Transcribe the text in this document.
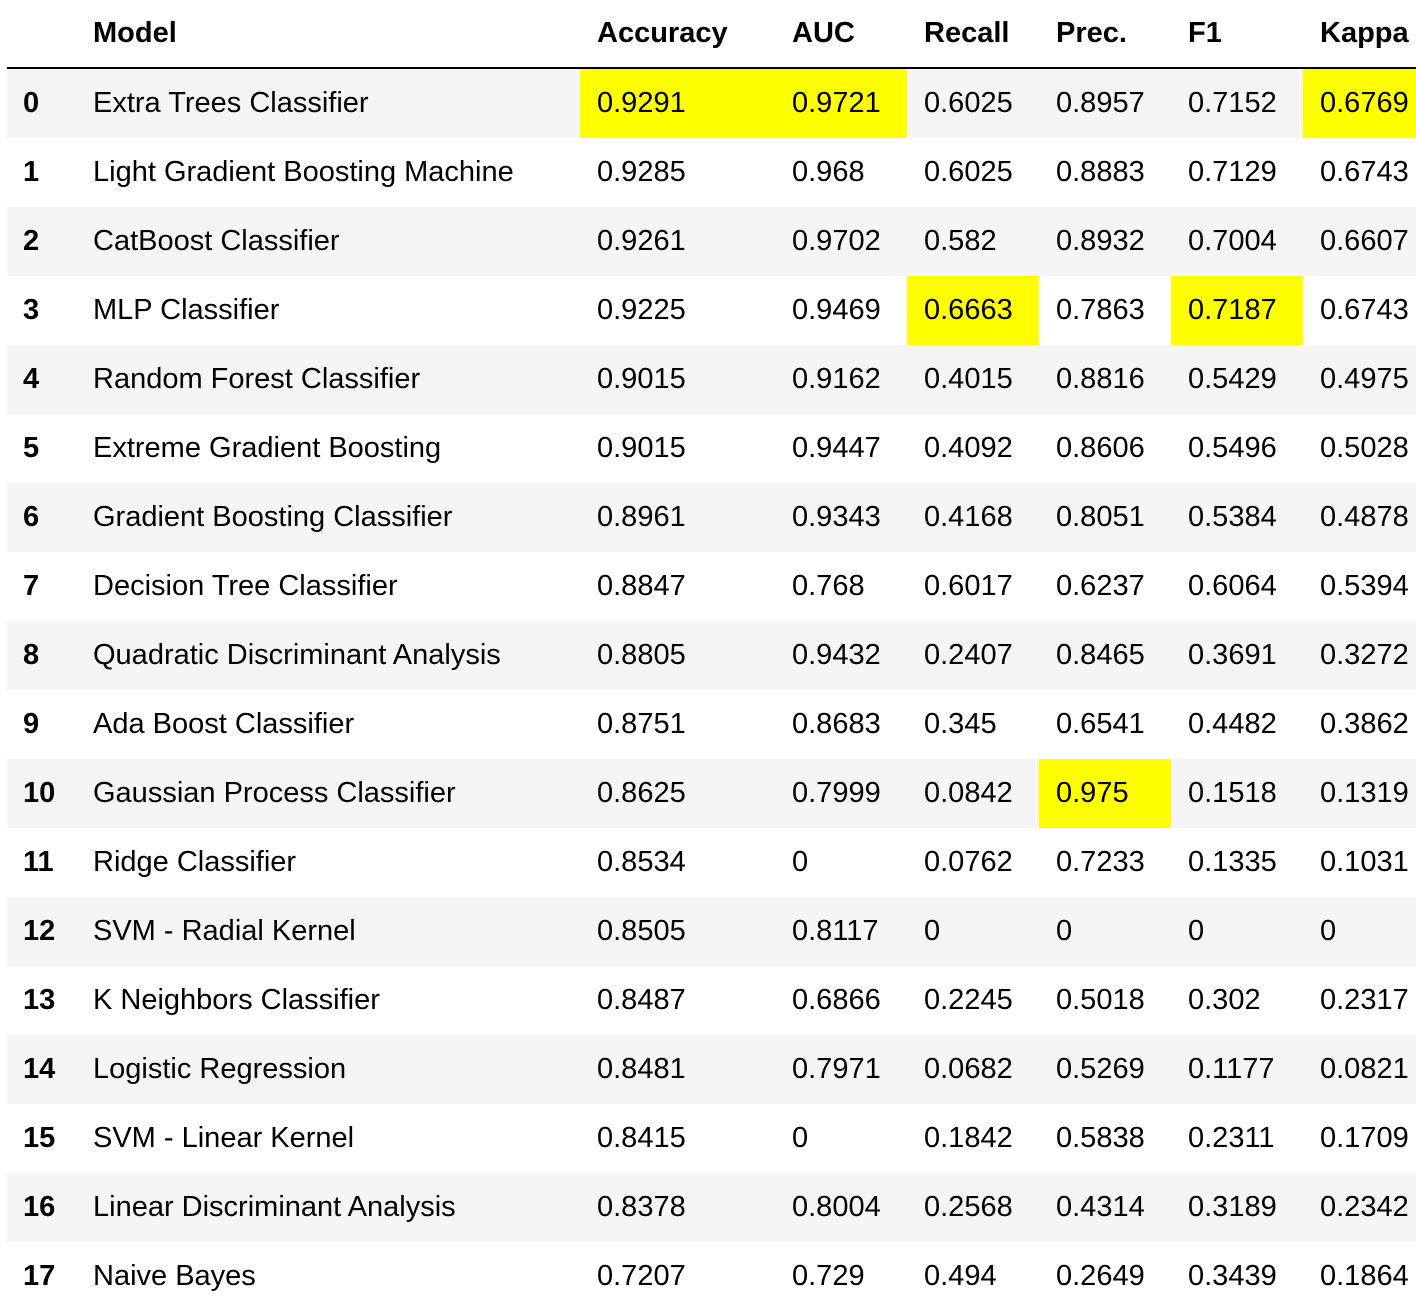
	Model	Accuracy	AUC	Recall	Prec.	F1	Kappa
0	Extra Trees Classifier	0.9291	0.9721	0.6025	0.8957	0.7152	0.6769
1	Light Gradient Boosting Machine	0.9285	0.968	0.6025	0.8883	0.7129	0.6743
2	CatBoost Classifier	0.9261	0.9702	0.582	0.8932	0.7004	0.6607
3	MLP Classifier	0.9225	0.9469	0.6663	0.7863	0.7187	0.6743
4	Random Forest Classifier	0.9015	0.9162	0.4015	0.8816	0.5429	0.4975
5	Extreme Gradient Boosting	0.9015	0.9447	0.4092	0.8606	0.5496	0.5028
6	Gradient Boosting Classifier	0.8961	0.9343	0.4168	0.8051	0.5384	0.4878
7	Decision Tree Classifier	0.8847	0.768	0.6017	0.6237	0.6064	0.5394
8	Quadratic Discriminant Analysis	0.8805	0.9432	0.2407	0.8465	0.3691	0.3272
9	Ada Boost Classifier	0.8751	0.8683	0.345	0.6541	0.4482	0.3862
10	Gaussian Process Classifier	0.8625	0.7999	0.0842	0.975	0.1518	0.1319
11	Ridge Classifier	0.8534	0	0.0762	0.7233	0.1335	0.1031
12	SVM - Radial Kernel	0.8505	0.8117	0	0	0	0
13	K Neighbors Classifier	0.8487	0.6866	0.2245	0.5018	0.302	0.2317
14	Logistic Regression	0.8481	0.7971	0.0682	0.5269	0.1177	0.0821
15	SVM - Linear Kernel	0.8415	0	0.1842	0.5838	0.2311	0.1709
16	Linear Discriminant Analysis	0.8378	0.8004	0.2568	0.4314	0.3189	0.2342
17	Naive Bayes	0.7207	0.729	0.494	0.2649	0.3439	0.1864
